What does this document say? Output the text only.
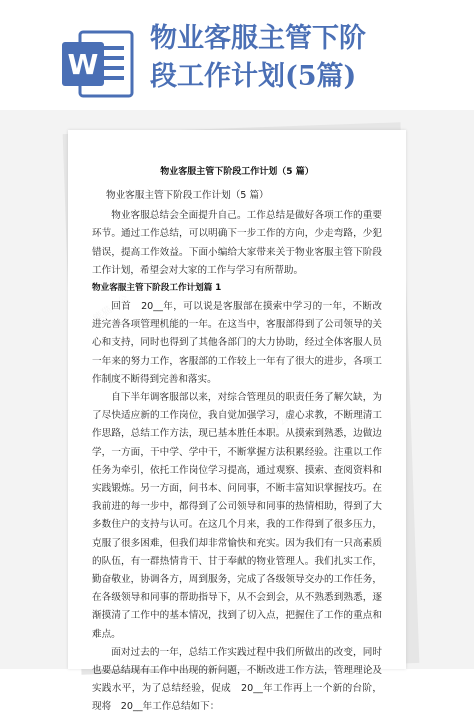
W
物业客服主管下阶
段工作计划(5篇)
物业客服主管下阶段工作计划（5 篇）

物业客服主管下阶段工作计划（5 篇）

物业客服总结会全面提升自己。工作总结是做好各项工作的重要环节。通过工作总结，可以明确下一步工作的方向，少走弯路，少犯错误，提高工作效益。下面小编给大家带来关于物业客服主管下阶段工作计划，希望会对大家的工作与学习有所帮助。

物业客服主管下阶段工作计划篇 1

回首　20__年，可以说是客服部在摸索中学习的一年，不断改进完善各项管理机能的一年。在这当中，客服部得到了公司领导的关心和支持，同时也得到了其他各部门的大力协助，经过全体客服人员一年来的努力工作，客服部的工作较上一年有了很大的进步，各项工作制度不断得到完善和落实。

自下半年调客服部以来，对综合管理员的职责任务了解欠缺，为了尽快适应新的工作岗位，我自觉加强学习，虚心求教，不断理清工作思路，总结工作方法，现已基本胜任本职。从摸索到熟悉，边做边学，一方面，干中学、学中干，不断掌握方法积累经验。注重以工作任务为牵引，依托工作岗位学习提高，通过观察、摸索、查阅资料和实践锻炼。另一方面，问书本、问同事，不断丰富知识掌握技巧。在我前进的每一步中，都得到了公司领导和同事的热情相助，得到了大多数住户的支持与认可。在这几个月来，我的工作得到了很多压力，克服了很多困难，但我们却非常愉快和充实。因为我们有一只高素质的队伍，有一群热情肯干、甘于奉献的物业管理人。我们扎实工作，勤奋敬业，协调各方，周到服务，完成了各级领导交办的工作任务，在各级领导和同事的帮助指导下，从不会到会，从不熟悉到熟悉，逐渐摸清了工作中的基本情况，找到了切入点，把握住了工作的重点和难点。

面对过去的一年，总结工作实践过程中我们所做出的改变，同时也要总结现有工作中出现的新问题，不断改进工作方法，管理理论及实践水平，为了总结经验，促成　20__年工作再上一个新的台阶，现将　20__年工作总结如下：
